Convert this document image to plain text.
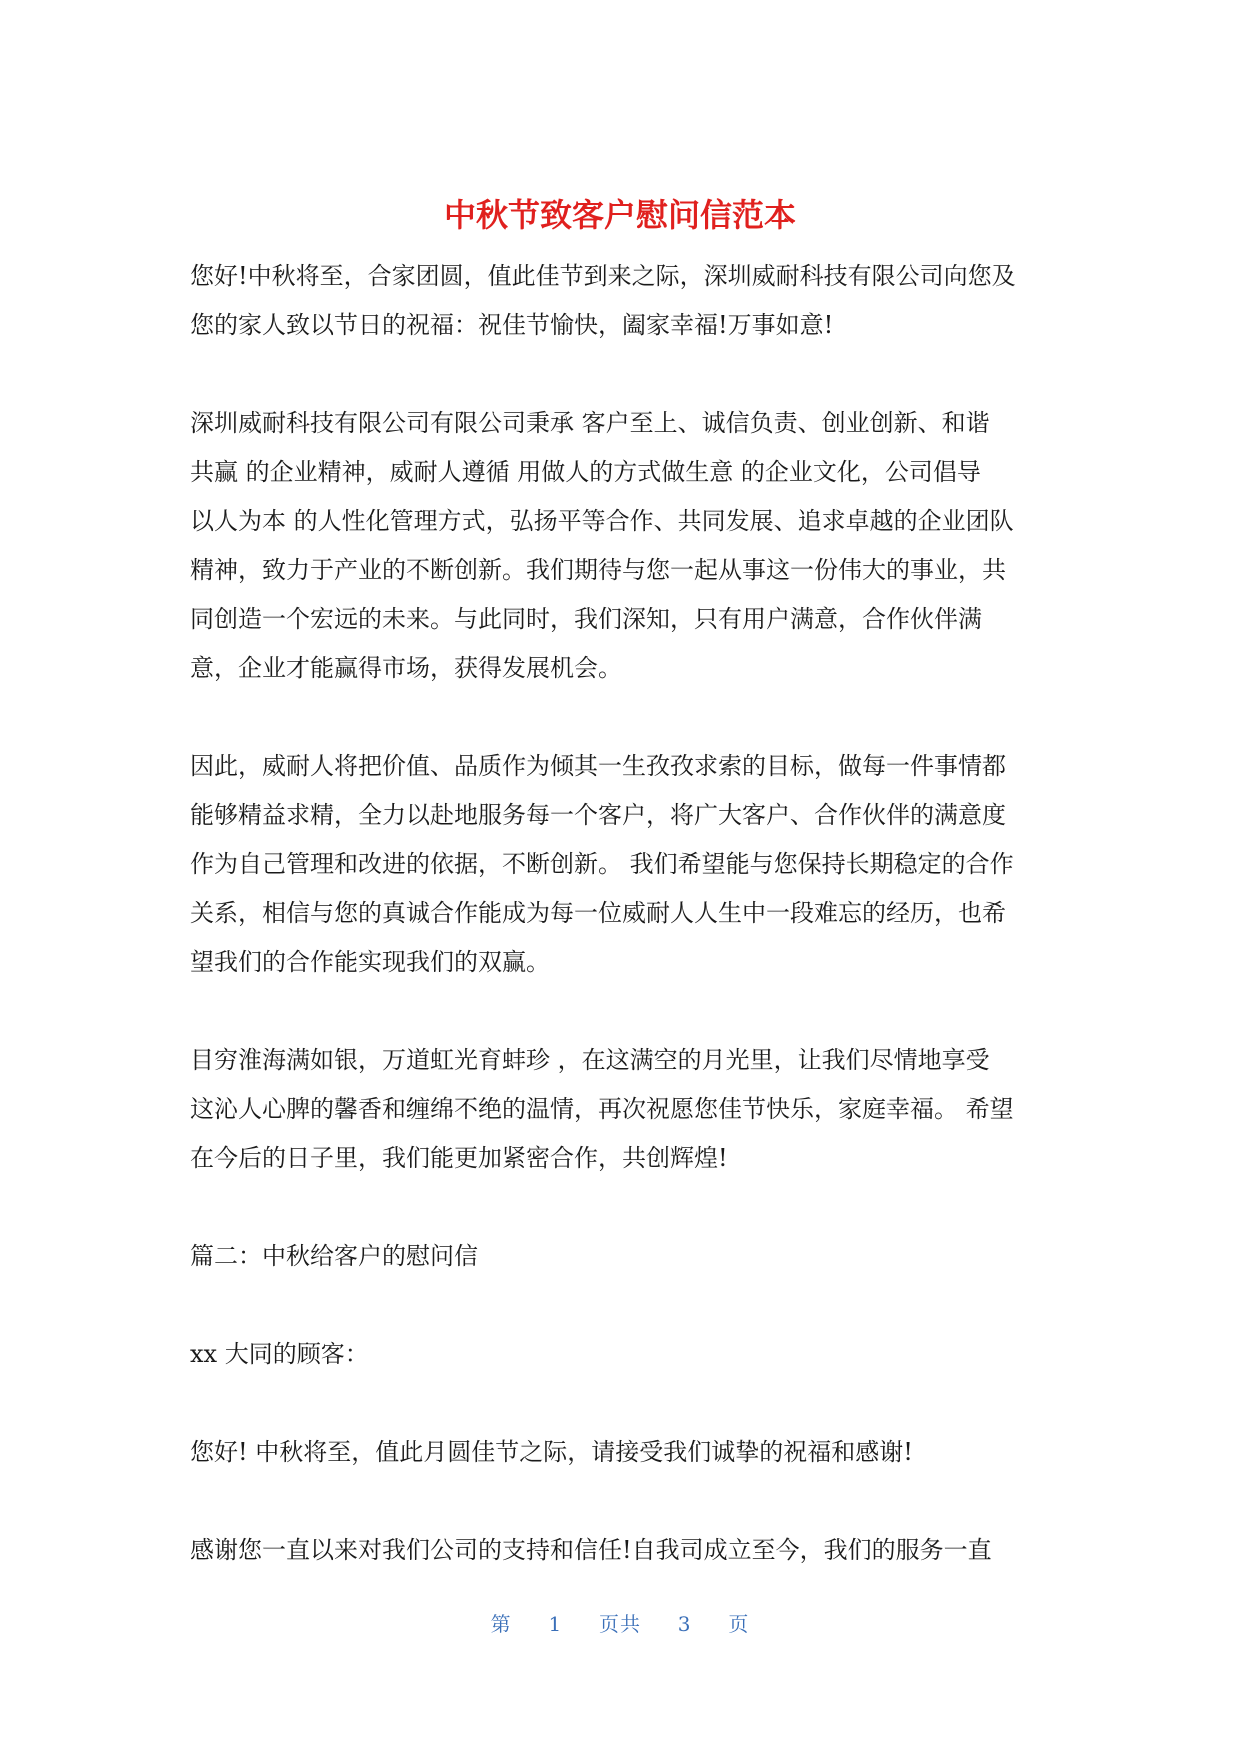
中秋节致客户慰问信范本
您好!中秋将至，合家团圆，值此佳节到来之际，深圳威耐科技有限公司向您及
您的家人致以节日的祝福：祝佳节愉快，阖家幸福!万事如意!
深圳威耐科技有限公司有限公司秉承 客户至上、诚信负责、创业创新、和谐
共赢 的企业精神，威耐人遵循 用做人的方式做生意 的企业文化，公司倡导
以人为本 的人性化管理方式，弘扬平等合作、共同发展、追求卓越的企业团队
精神，致力于产业的不断创新。我们期待与您一起从事这一份伟大的事业，共
同创造一个宏远的未来。与此同时，我们深知，只有用户满意，合作伙伴满
意，企业才能赢得市场，获得发展机会。
因此，威耐人将把价值、品质作为倾其一生孜孜求索的目标，做每一件事情都
能够精益求精，全力以赴地服务每一个客户，将广大客户、合作伙伴的满意度
作为自己管理和改进的依据，不断创新。 我们希望能与您保持长期稳定的合作
关系，相信与您的真诚合作能成为每一位威耐人人生中一段难忘的经历，也希
望我们的合作能实现我们的双赢。
目穷淮海满如银，万道虹光育蚌珍 ，在这满空的月光里，让我们尽情地享受
这沁人心脾的馨香和缠绵不绝的温情，再次祝愿您佳节快乐，家庭幸福。 希望
在今后的日子里，我们能更加紧密合作，共创辉煌!
篇二：中秋给客户的慰问信
xx 大同的顾客：
您好! 中秋将至，值此月圆佳节之际，请接受我们诚挚的祝福和感谢!
感谢您一直以来对我们公司的支持和信任!自我司成立至今，我们的服务一直
第 1 页共 3 页
